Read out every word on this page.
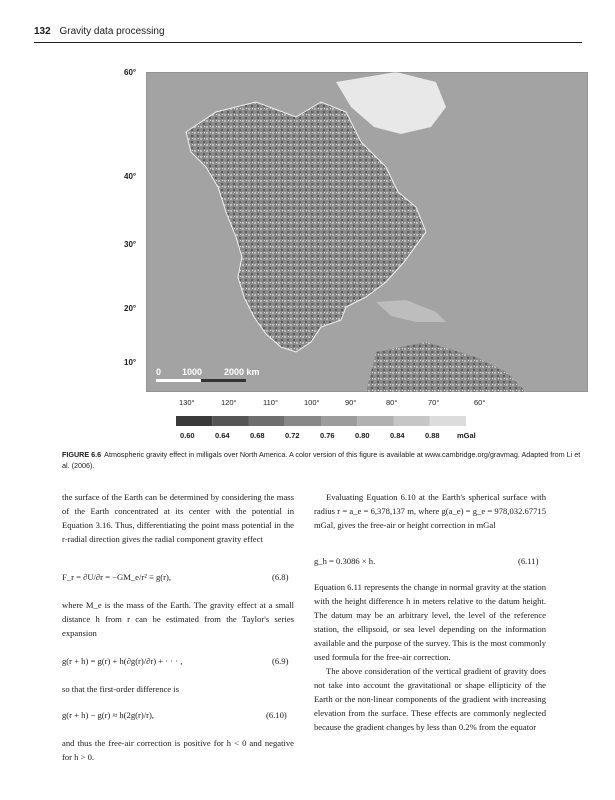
132 Gravity data processing
0 1000 2000 km
60°
40°
30°
20°
10°
130°	120°	110°	100°	90°	80°	70°	60°
0.60	0.64	0.68	0.72	0.76	0.80	0.84	0.88 mGal
FIGURE 6.6 Atmospheric gravity effect in milligals over North America. A color version of this figure is available at www.cambridge.org/gravmag. Adapted from Li et al. (2006).

the surface of the Earth can be determined by considering the mass of the Earth concentrated at its center with the potential in Equation 3.16. Thus, differentiating the point mass potential in the r-radial direction gives the radial component gravity effect

F_r = ∂U/∂r = −GM_e/r² ≡ g(r),	(6.8)

where M_e is the mass of the Earth. The gravity effect at a small distance h from r can be estimated from the Taylor's series expansion

g(r + h) = g(r) + h(∂g(r)/∂r) + · · · ,	(6.9)

so that the first-order difference is

g(r + h) − g(r) ≈ h(2g(r)/r),	(6.10)

and thus the free-air correction is positive for h < 0 and negative for h > 0.

Evaluating Equation 6.10 at the Earth's spherical surface with radius r = a_e = 6,378,137 m, where g(a_e) = g_e = 978,032.67715 mGal, gives the free-air or height correction in mGal

g_h = 0.3086 × h.	(6.11)

Equation 6.11 represents the change in normal gravity at the station with the height difference h in meters relative to the datum height. The datum may be an arbitrary level, the level of the reference station, the ellipsoid, or sea level depending on the information available and the purpose of the survey. This is the most commonly used formula for the free-air correction.

The above consideration of the vertical gradient of gravity does not take into account the gravitational or shape ellipticity of the Earth or the non-linear components of the gradient with increasing elevation from the surface. These effects are commonly neglected because the gradient changes by less than 0.2% from the equator
